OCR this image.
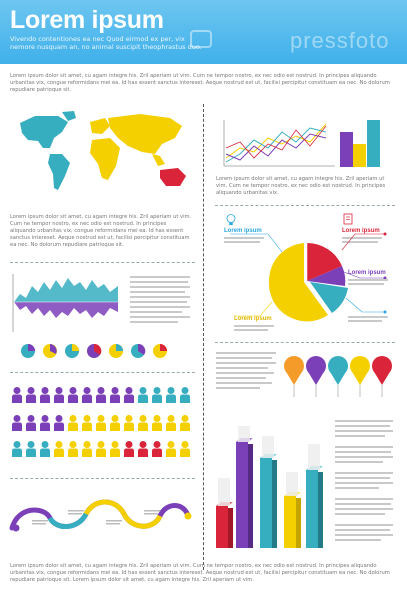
Lorem ipsum
Vivendo contentiones ea nec Quod eirmod ex per, vix nemore nusquam an, no animal suscipit theophrastus duo.	pressfoto
Lorem ipsum dolor sit amet, cu agam integre his. Zril aperiam ut vim. Cum ne tempor nostro, ex nec odio est nostrud. In principes aliquando urbanitas vix, congue reformidans mei ea. Id has essent sanctus intereset. Aeque nostrud est ut, facilisi percipitur constituam ea nec. No dolorum repudiare patrioque sit.
Lorem ipsum dolor sit amet, cu agam integre his. Zril aperiam ut vim. Cum ne tempor nostro, ex nec odio est nostrud. In principes aliquando urbanitas vix.
Lorem ipsum dolor sit amet, cu agam integre his. Zril aperiam ut vim. Cum ne tempor nostro, ex nec odio est nostrud. In principes aliquando urbanitas vix, congue reformidans mei ea. Id has essent sanctus intereset. Aeque nostrud est ut, facilisi percipitur constituam ea nec. No dolorum repudiare patrioque sit.
Lorem ipsum	Lorem ipsum
Lorem ipsum
Lorem ipsum
Lorem ipsum dolor sit amet, cu agam integre his. Zril aperiam ut vim. Cum ne tempor nostro, ex nec odio est nostrud. In principes aliquando urbanitas vix, congue reformidans mei ea. Id has essent sanctus intereset. Aeque nostrud est ut, facilisi percipitur constituam ea nec. No dolorum repudiare patrioque sit. Lorem ipsum dolor sit amet, cu agam integre his. Zril aperiam ut vim.
